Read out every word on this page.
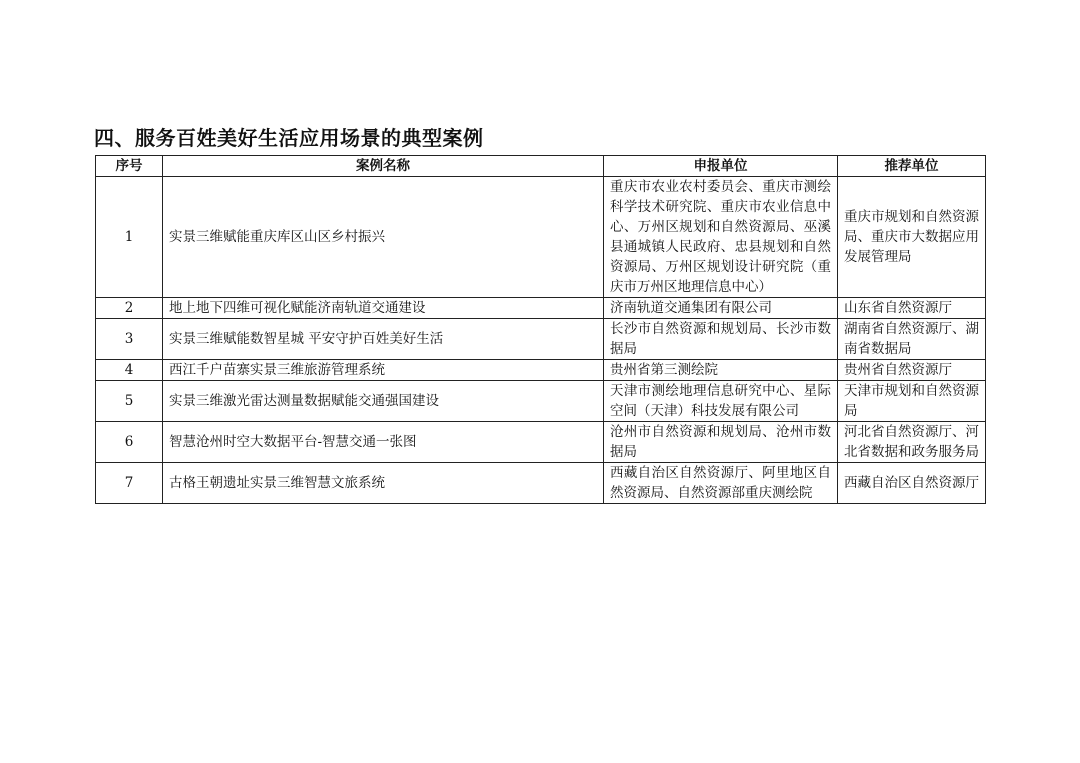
四、服务百姓美好生活应用场景的典型案例
序号	案例名称	申报单位	推荐单位
1	实景三维赋能重庆库区山区乡村振兴	重庆市农业农村委员会、重庆市测绘科学技术研究院、重庆市农业信息中心、万州区规划和自然资源局、巫溪县通城镇人民政府、忠县规划和自然资源局、万州区规划设计研究院（重庆市万州区地理信息中心）	重庆市规划和自然资源局、重庆市大数据应用发展管理局
2	地上地下四维可视化赋能济南轨道交通建设	济南轨道交通集团有限公司	山东省自然资源厅
3	实景三维赋能数智星城 平安守护百姓美好生活	长沙市自然资源和规划局、长沙市数据局	湖南省自然资源厅、湖南省数据局
4	西江千户苗寨实景三维旅游管理系统	贵州省第三测绘院	贵州省自然资源厅
5	实景三维激光雷达测量数据赋能交通强国建设	天津市测绘地理信息研究中心、星际空间（天津）科技发展有限公司	天津市规划和自然资源局
6	智慧沧州时空大数据平台-智慧交通一张图	沧州市自然资源和规划局、沧州市数据局	河北省自然资源厅、河北省数据和政务服务局
7	古格王朝遗址实景三维智慧文旅系统	西藏自治区自然资源厅、阿里地区自然资源局、自然资源部重庆测绘院	西藏自治区自然资源厅
